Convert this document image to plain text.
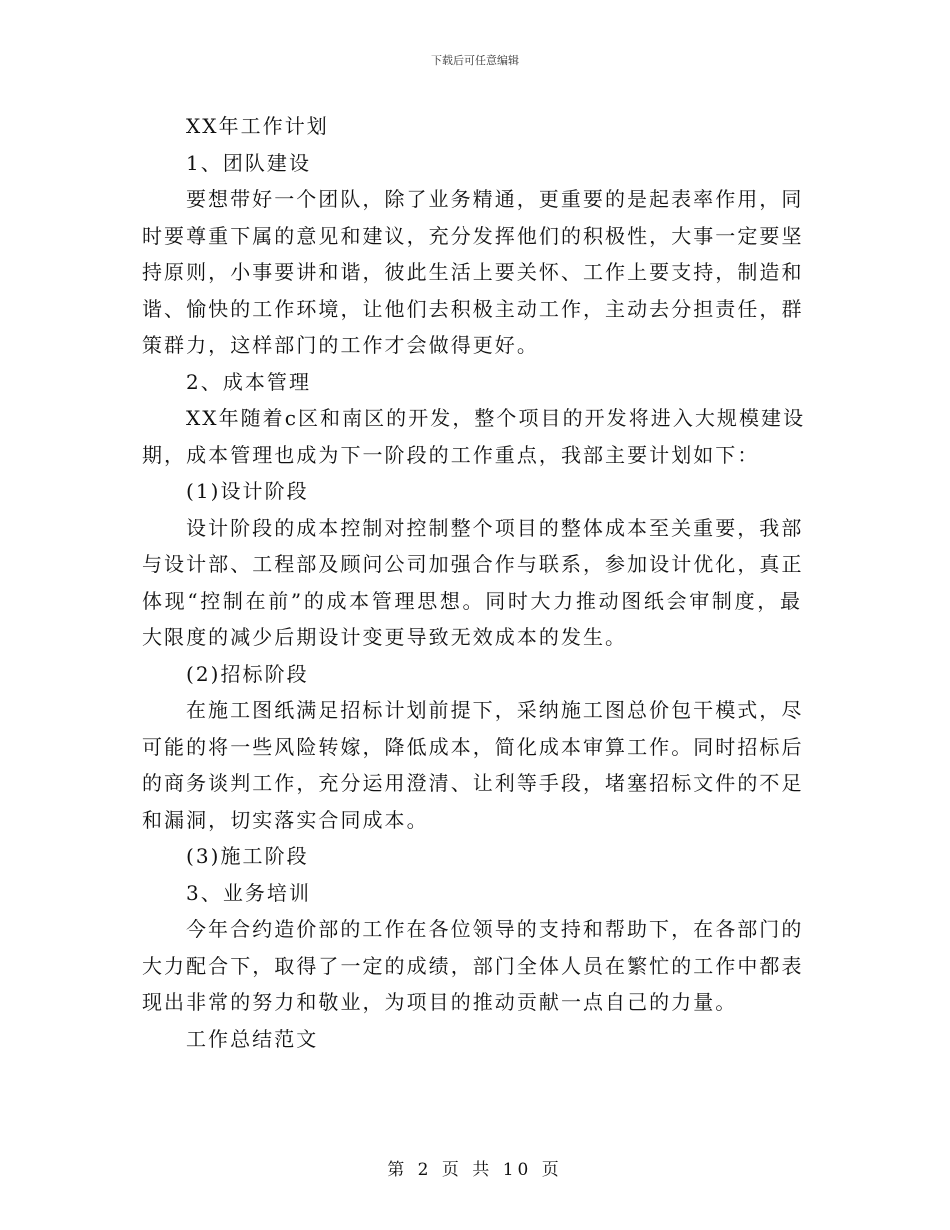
下载后可任意编辑
XX年工作计划
1、团队建设
要想带好一个团队，除了业务精通，更重要的是起表率作用，同
时要尊重下属的意见和建议，充分发挥他们的积极性，大事一定要坚
持原则，小事要讲和谐，彼此生活上要关怀、工作上要支持，制造和
谐、愉快的工作环境，让他们去积极主动工作，主动去分担责任，群
策群力，这样部门的工作才会做得更好。
2、成本管理
XX年随着c区和南区的开发，整个项目的开发将进入大规模建设
期，成本管理也成为下一阶段的工作重点，我部主要计划如下：
(1)设计阶段
设计阶段的成本控制对控制整个项目的整体成本至关重要，我部
与设计部、工程部及顾问公司加强合作与联系，参加设计优化，真正
体现“控制在前”的成本管理思想。同时大力推动图纸会审制度，最
大限度的减少后期设计变更导致无效成本的发生。
(2)招标阶段
在施工图纸满足招标计划前提下，采纳施工图总价包干模式，尽
可能的将一些风险转嫁，降低成本，简化成本审算工作。同时招标后
的商务谈判工作，充分运用澄清、让利等手段，堵塞招标文件的不足
和漏洞，切实落实合同成本。
(3)施工阶段
3、业务培训
今年合约造价部的工作在各位领导的支持和帮助下，在各部门的
大力配合下，取得了一定的成绩，部门全体人员在繁忙的工作中都表
现出非常的努力和敬业，为项目的推动贡献一点自己的力量。
工作总结范文
第 2 页 共 10 页
